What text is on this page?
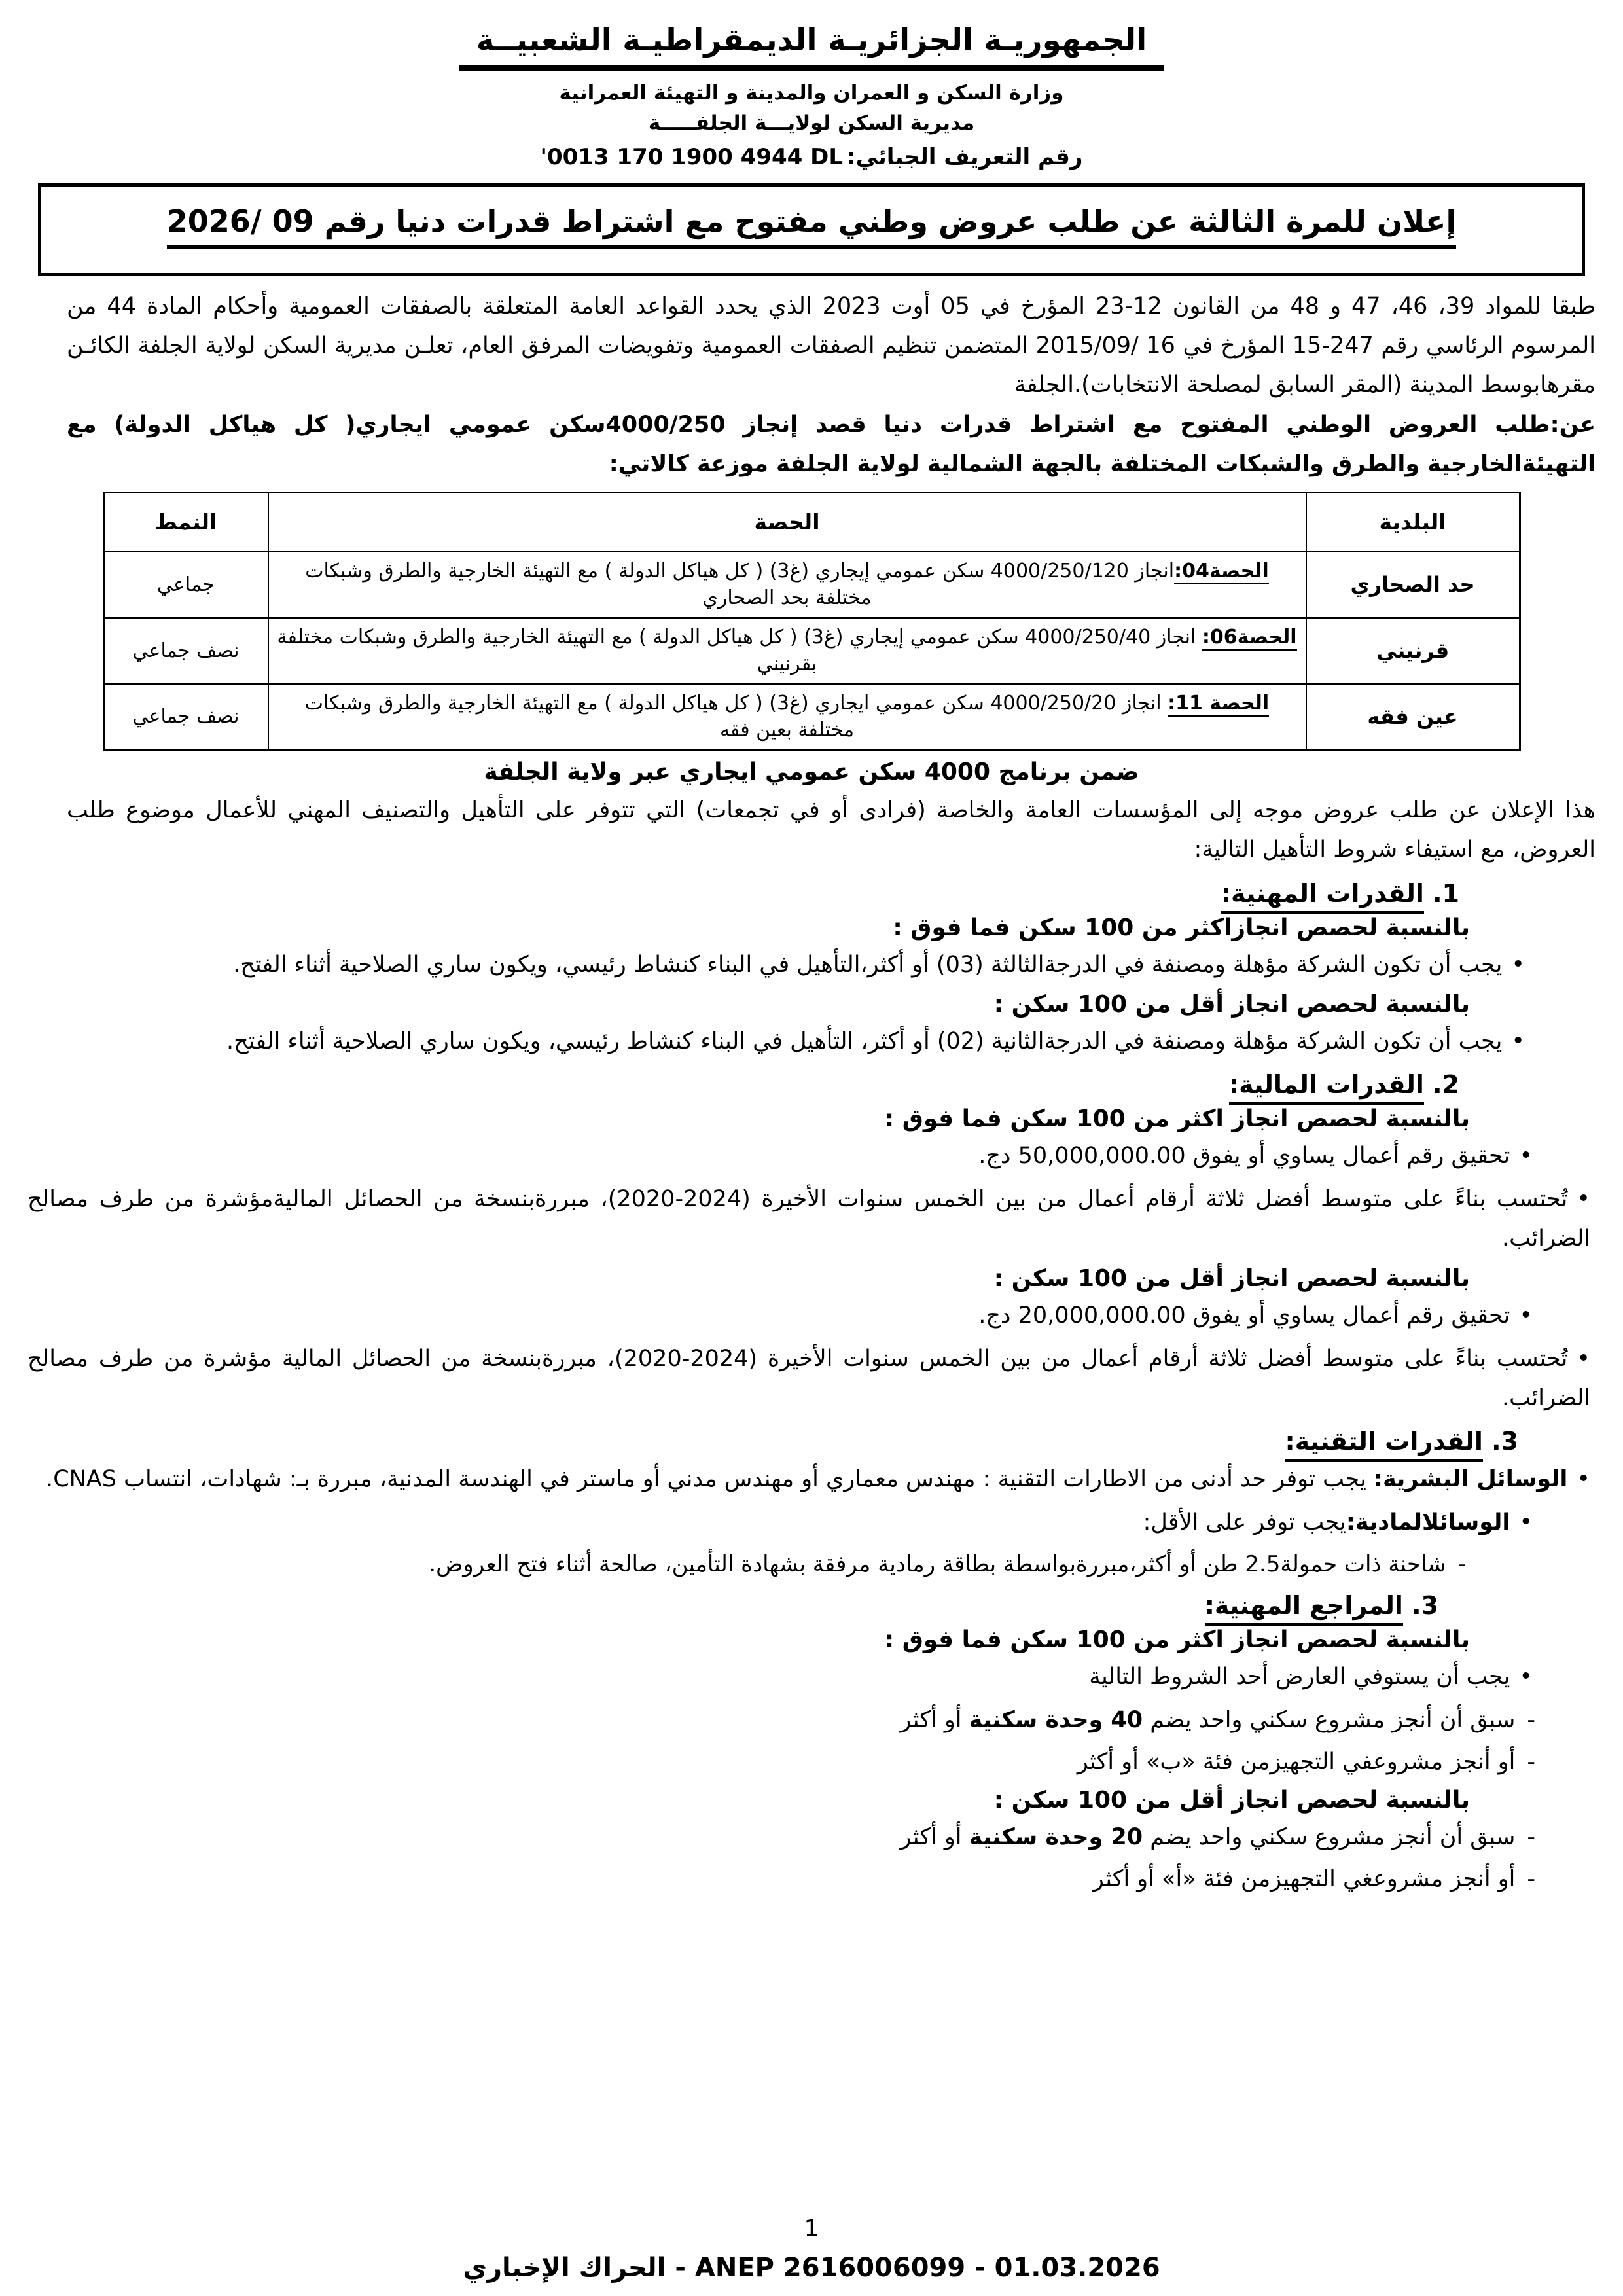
الجمهوريـة الجزائريـة الديمقراطيـة الشعبيــة
وزارة السكن و العمران والمدينة و التهيئة العمرانية
مديرية السكن لولايـــة الجلفـــــة
رقم التعريف الجبائي:'0013 170 1900 4944 DL
إعلان للمرة الثالثة عن طلب عروض وطني مفتوح مع اشتراط قدرات دنيا رقم 09 /2026

طبقا للمواد 39، 46، 47 و 48 من القانون 12-23 المؤرخ في 05 أوت 2023 الذي يحدد القواعد العامة المتعلقة بالصفقات العمومية وأحكام المادة 44 من المرسوم الرئاسي رقم 247-15 المؤرخ في 16 /2015/09 المتضمن تنظيم الصفقات العمومية وتفويضات المرفق العام، تعلـن مديرية السكن لولاية الجلفة الكائـن مقرهابوسط المدينة (المقر السابق لمصلحة الانتخابات).الجلفة
عن:طلب العروض الوطني المفتوح مع اشتراط قدرات دنيا قصد إنجاز 4000/250سكن عمومي ايجاري( كل هياكل الدولة) مع التهيئةالخارجية والطرق والشبكات المختلفة بالجهة الشمالية لولاية الجلفة موزعة كالاتي:

البلدية	الحصة	النمط
حد الصحاري	الحصة04:انجاز 4000/250/120 سكن عمومي إيجاري (غ3) ( كل هياكل الدولة ) مع التهيئة الخارجية والطرق وشبكات مختلفة بحد الصحاري	جماعي
قرنيني	الحصة06: انجاز 4000/250/40 سكن عمومي إيجاري (غ3) ( كل هياكل الدولة ) مع التهيئة الخارجية والطرق وشبكات مختلفة بقرنيني	نصف جماعي
عين فقه	الحصة 11: انجاز 4000/250/20 سكن عمومي ايجاري (غ3) ( كل هياكل الدولة ) مع التهيئة الخارجية والطرق وشبكات مختلفة بعين فقه	نصف جماعي
ضمن برنامج 4000 سكن عمومي ايجاري عبر ولاية الجلفة

هذا الإعلان عن طلب عروض موجه إلى المؤسسات العامة والخاصة (فرادى أو في تجمعات) التي تتوفر على التأهيل والتصنيف المهني للأعمال موضوع طلب العروض، مع استيفاء شروط التأهيل التالية:

1. القدرات المهنية:
بالنسبة لحصص انجازاكثر من 100 سكن فما فوق :

•يجب أن تكون الشركة مؤهلة ومصنفة في الدرجةالثالثة (03) أو أكثر،التأهيل في البناء كنشاط رئيسي، ويكون ساري الصلاحية أثناء الفتح.

بالنسبة لحصص انجاز أقل من 100 سكن :

•يجب أن تكون الشركة مؤهلة ومصنفة في الدرجةالثانية (02) أو أكثر، التأهيل في البناء كنشاط رئيسي، ويكون ساري الصلاحية أثناء الفتح.

2. القدرات المالية:
بالنسبة لحصص انجاز اكثر من 100 سكن فما فوق :

•تحقيق رقم أعمال يساوي أو يفوق 50,000,000.00 دج.

•تُحتسب بناءً على متوسط أفضل ثلاثة أرقام أعمال من بين الخمس سنوات الأخيرة (2024-2020)، مبررةبنسخة من الحصائل الماليةمؤشرة من طرف مصالح الضرائب.

بالنسبة لحصص انجاز أقل من 100 سكن :

•تحقيق رقم أعمال يساوي أو يفوق 20,000,000.00 دج.

•تُحتسب بناءً على متوسط أفضل ثلاثة أرقام أعمال من بين الخمس سنوات الأخيرة (2024-2020)، مبررةبنسخة من الحصائل المالية مؤشرة من طرف مصالح الضرائب.

3. القدرات التقنية:

•الوسائل البشرية: يجب توفر حد أدنى من الاطارات التقنية : مهندس معماري أو مهندس مدني أو ماستر في الهندسة المدنية، مبررة بـ: شهادات، انتساب CNAS.

•الوسائلالمادية:يجب توفر على الأقل:

-شاحنة ذات حمولة2.5 طن أو أكثر،مبررةبواسطة بطاقة رمادية مرفقة بشهادة التأمين، صالحة أثناء فتح العروض.
3. المراجع المهنية:
بالنسبة لحصص انجاز اكثر من 100 سكن فما فوق :

•يجب أن يستوفي العارض أحد الشروط التالية

-سبق أن أنجز مشروع سكني واحد يضم 40 وحدة سكنية أو أكثر
-أو أنجز مشروعفي التجهيزمن فئة «ب» أو أكثر
بالنسبة لحصص انجاز أقل من 100 سكن :
-سبق أن أنجز مشروع سكني واحد يضم 20 وحدة سكنية أو أكثر
-أو أنجز مشروعغي التجهيزمن فئة «أ» أو أكثر
1
الحراك الإخباري - ANEP 2616006099 - 01.03.2026
